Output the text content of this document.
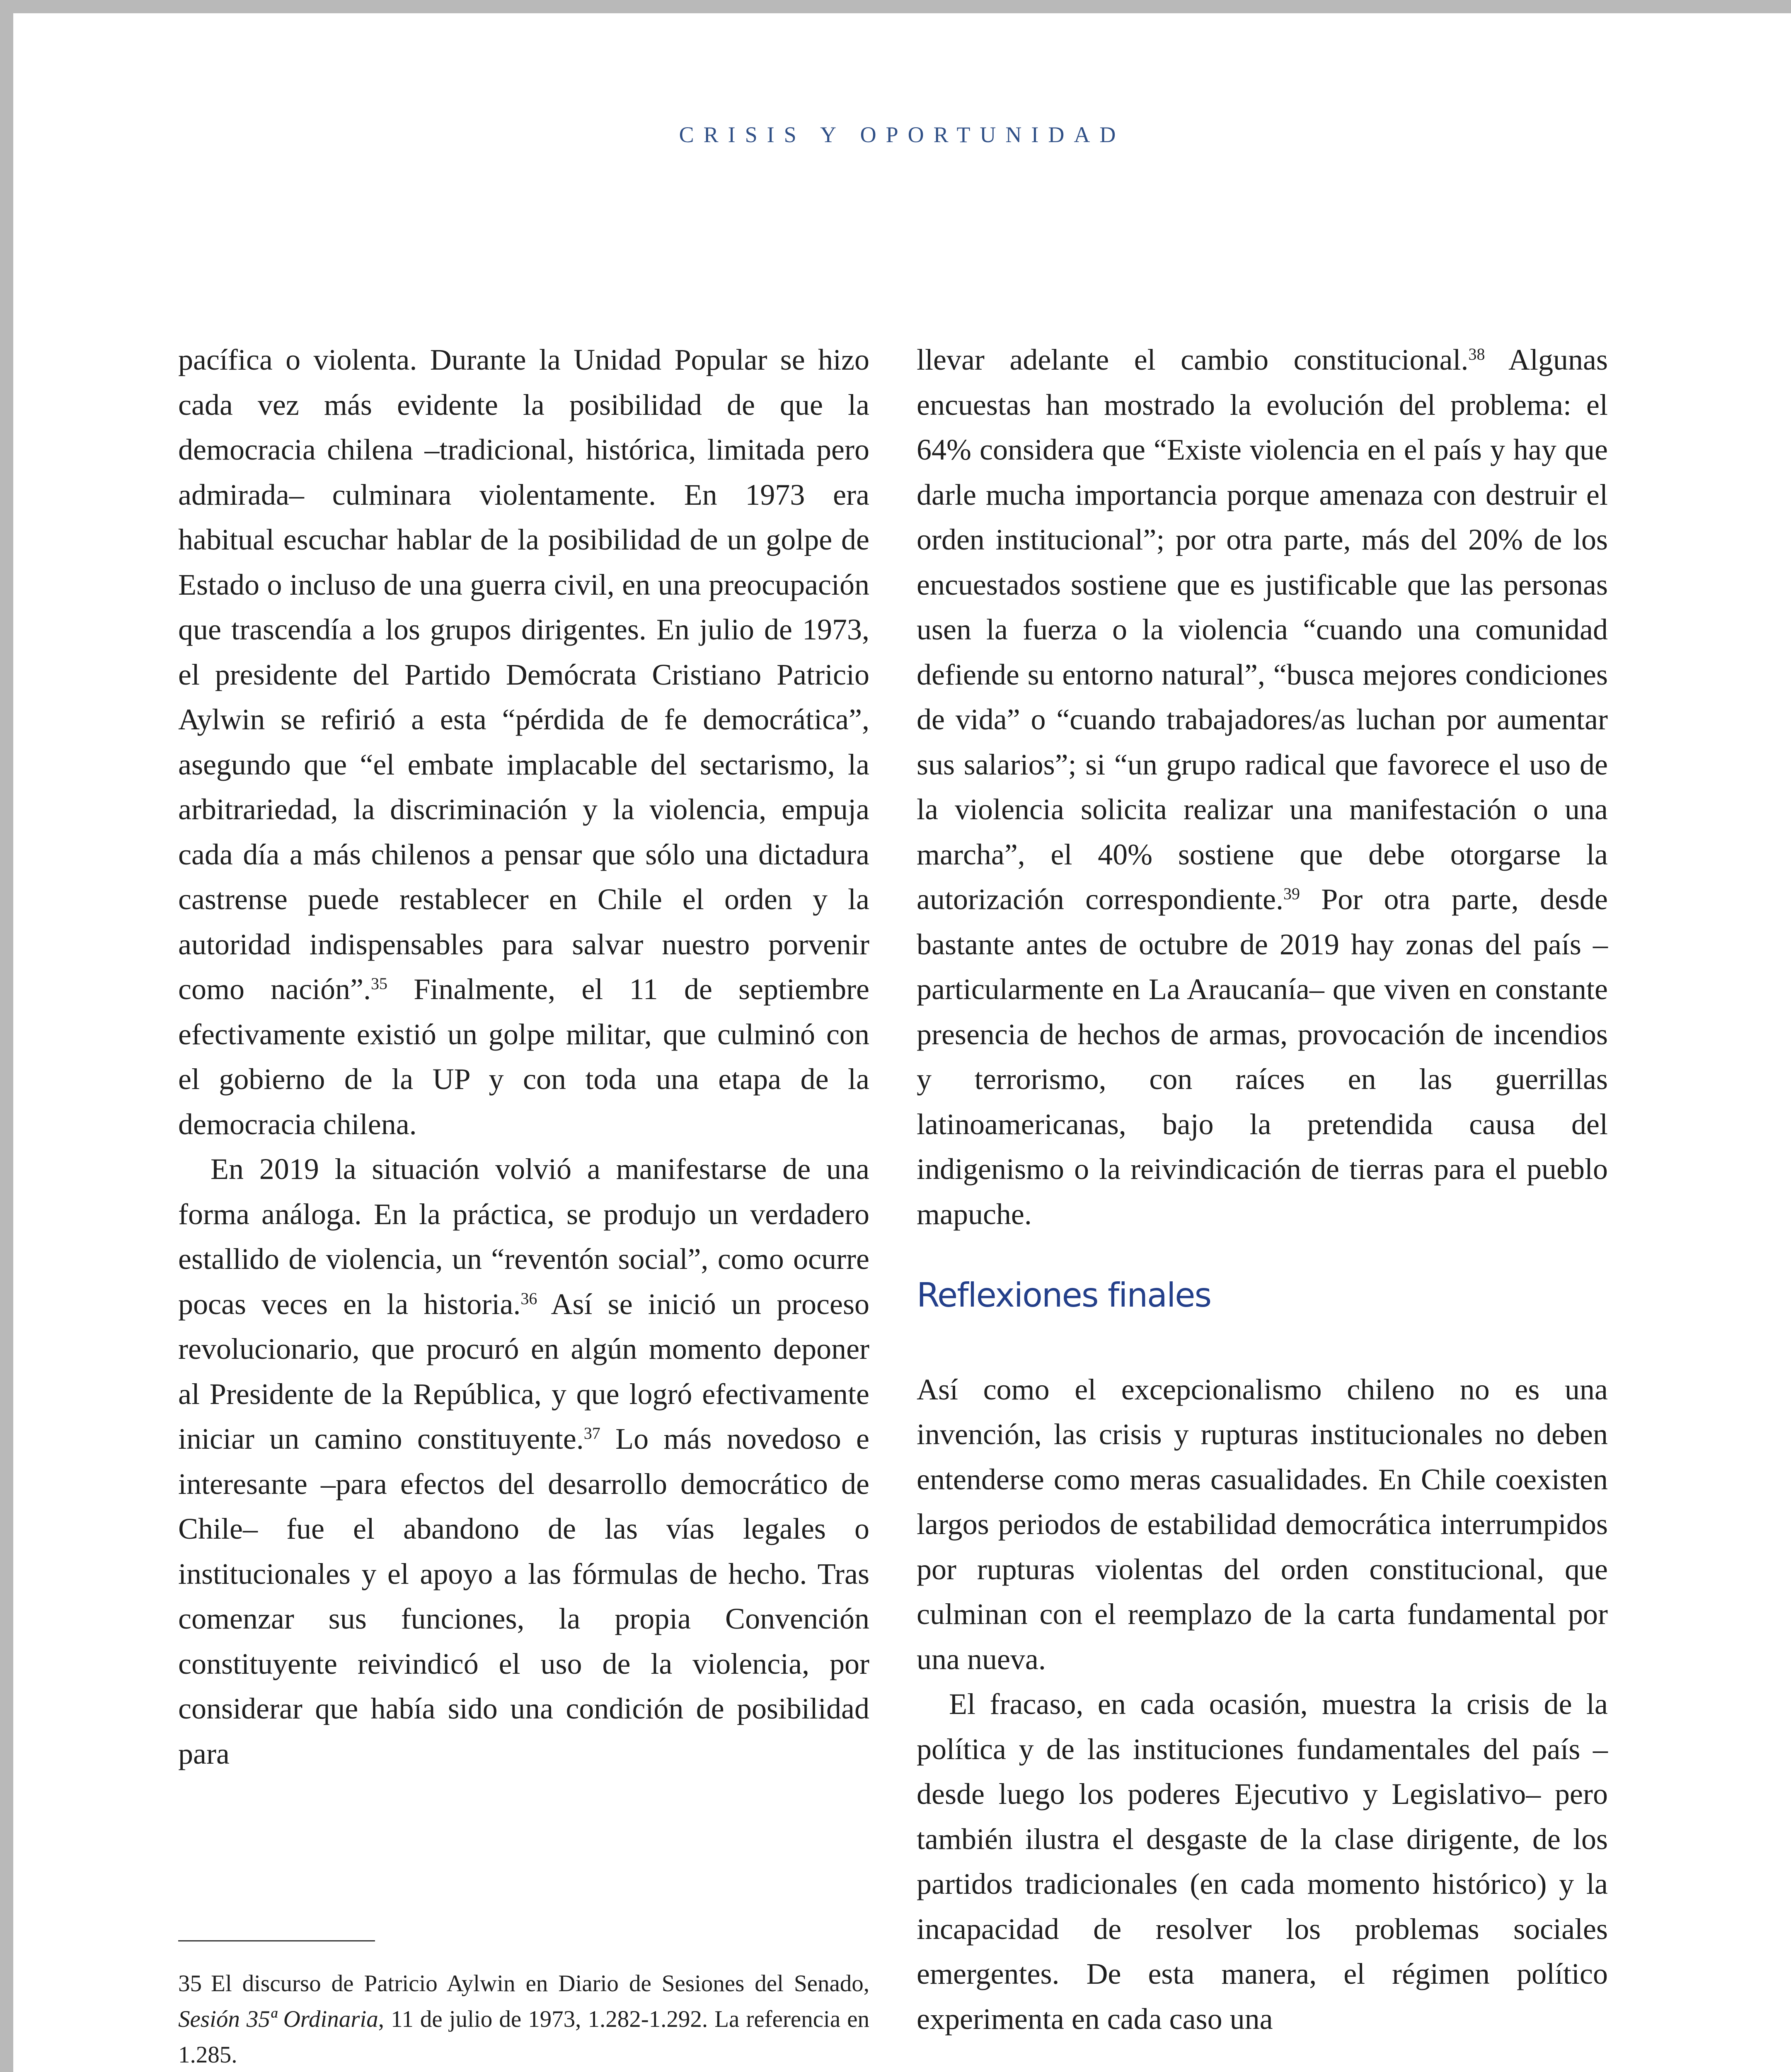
CRISIS Y OPORTUNIDAD

pacífica o violenta. Durante la Unidad Popular se hizo cada vez más evidente la posibilidad de que la democracia chilena –tradicional, histórica, limitada pero admirada– culminara violentamente. En 1973 era habitual escuchar hablar de la posibilidad de un golpe de Estado o incluso de una guerra civil, en una preocupación que trascendía a los grupos dirigentes. En julio de 1973, el presidente del Partido Demócrata Cristiano Patricio Aylwin se refirió a esta “pérdida de fe democrática”, asegundo que “el embate implacable del sectarismo, la arbitrariedad, la discriminación y la violencia, empuja cada día a más chilenos a pensar que sólo una dictadura castrense puede restablecer en Chile el orden y la autoridad indispensables para salvar nuestro porvenir como nación”.$^{35}$ Finalmente, el 11 de septiembre efectivamente existió un golpe militar, que culminó con el gobierno de la UP y con toda una etapa de la democracia chilena.

En 2019 la situación volvió a manifestarse de una forma análoga. En la práctica, se produjo un verdadero estallido de violencia, un “reventón social”, como ocurre pocas veces en la historia.$^{36}$ Así se inició un proceso revolucionario, que procuró en algún momento deponer al Presidente de la República, y que logró efectivamente iniciar un camino constituyente.$^{37}$ Lo más novedoso e interesante –para efectos del desarrollo democrático de Chile– fue el abandono de las vías legales o institucionales y el apoyo a las fórmulas de hecho. Tras comenzar sus funciones, la propia Convención constituyente reivindicó el uso de la violencia, por considerar que había sido una condición de posibilidad para

35 El discurso de Patricio Aylwin en Diario de Sesiones del Senado, Sesión 35ª Ordinaria, 11 de julio de 1973, 1.282-1.292. La referencia en 1.285.

llevar adelante el cambio constitucional.$^{38}$ Algunas encuestas han mostrado la evolución del problema: el 64% considera que “Existe violencia en el país y hay que darle mucha importancia porque amenaza con destruir el orden institucional”; por otra parte, más del 20% de los encuestados sostiene que es justificable que las personas usen la fuerza o la violencia “cuando una comunidad defiende su entorno natural”, “busca mejores condiciones de vida” o “cuando trabajadores/as luchan por aumentar sus salarios”; si “un grupo radical que favorece el uso de la violencia solicita realizar una manifestación o una marcha”, el 40% sostiene que debe otorgarse la autorización correspondiente.$^{39}$ Por otra parte, desde bastante antes de octubre de 2019 hay zonas del país –particularmente en La Araucanía– que viven en constante presencia de hechos de armas, provocación de incendios y terrorismo, con raíces en las guerrillas latinoamericanas, bajo la pretendida causa del indigenismo o la reivindicación de tierras para el pueblo mapuche.

Reflexiones finales

Así como el excepcionalismo chileno no es una invención, las crisis y rupturas institucionales no deben entenderse como meras casualidades. En Chile coexisten largos periodos de estabilidad democrática interrumpidos por rupturas violentas del orden constitucional, que culminan con el reemplazo de la carta fundamental por una nueva.

El fracaso, en cada ocasión, muestra la crisis de la política y de las instituciones fundamentales del país –desde luego los poderes Ejecutivo y Legislativo– pero también ilustra el desgaste de la clase dirigente, de los partidos tradicionales (en cada momento histórico) y la incapacidad de resolver los problemas sociales emergentes. De esta manera, el régimen político experimenta en cada caso una
